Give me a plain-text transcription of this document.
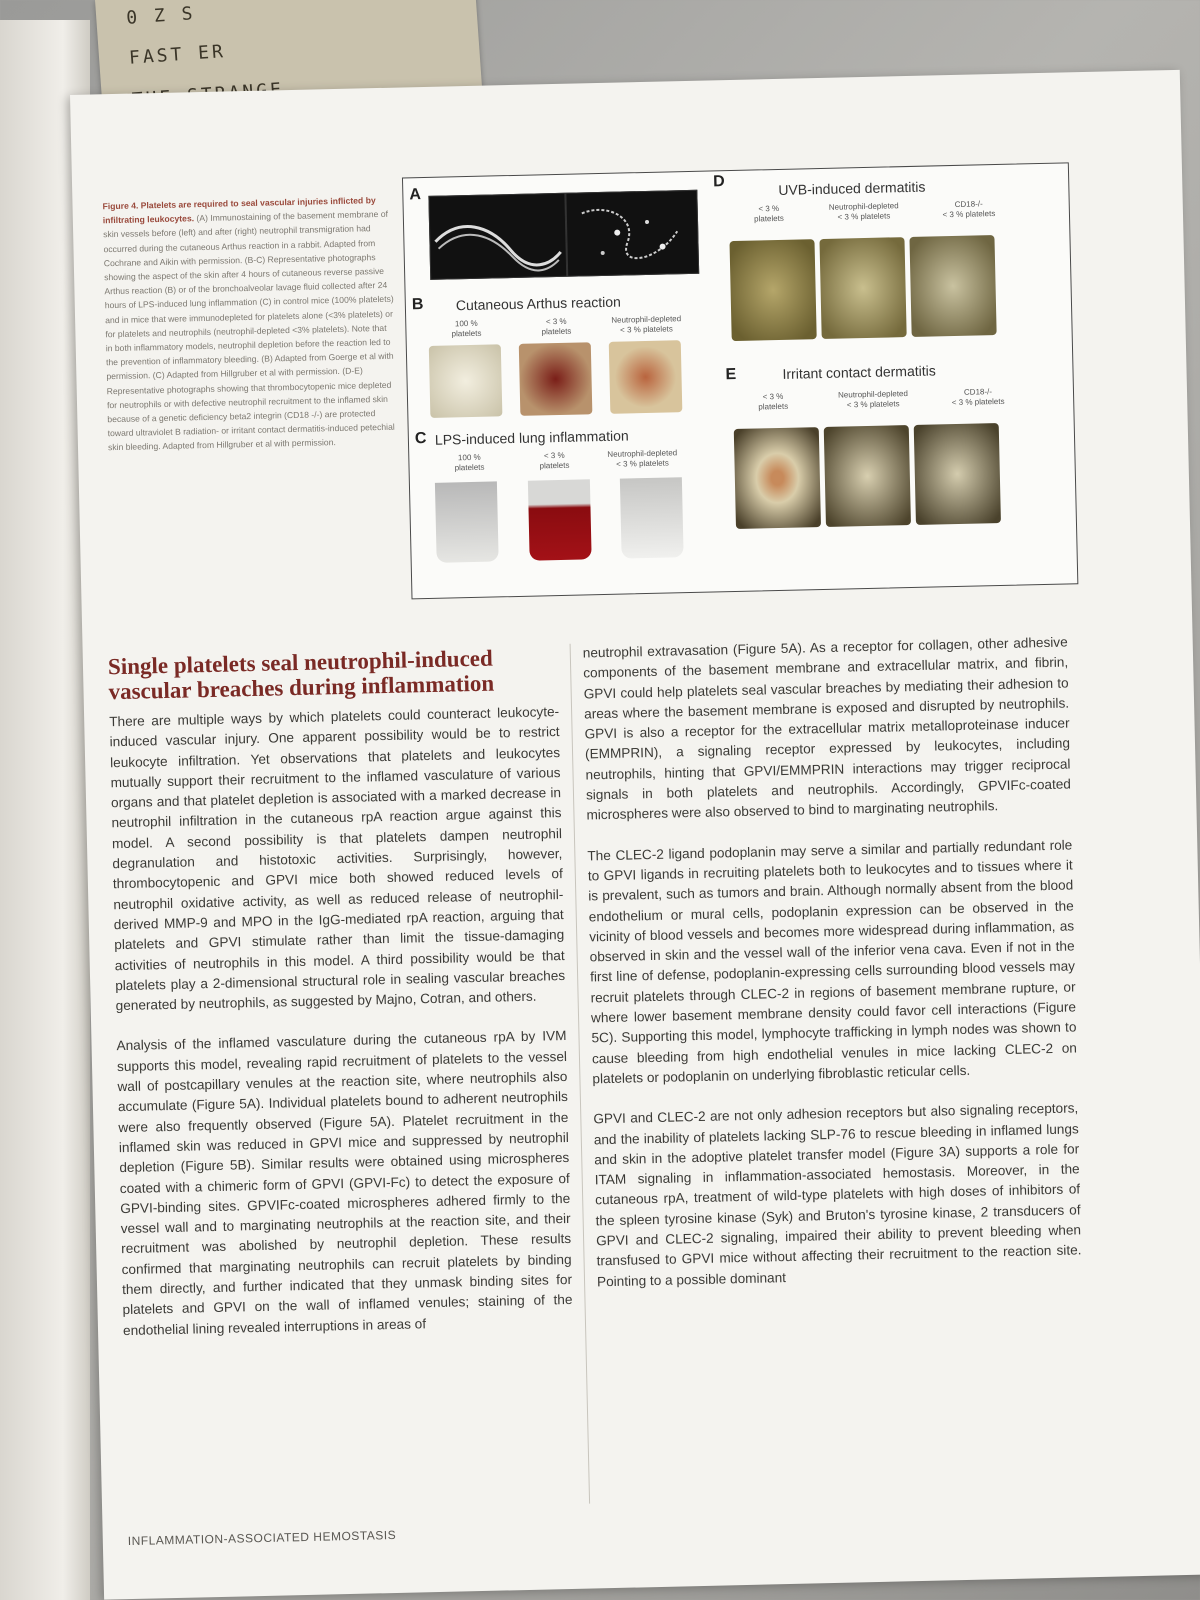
0 Z S
FAST ER
Figure 4. Platelets are required to seal vascular injuries inflicted by infiltrating leukocytes. (A) Immunostaining of the basement membrane of skin vessels before (left) and after (right) neutrophil transmigration had occurred during the cutaneous Arthus reaction in a rabbit. Adapted from Cochrane and Aikin with permission. (B-C) Representative photographs showing the aspect of the skin after 4 hours of cutaneous reverse passive Arthus reaction (B) or of the bronchoalveolar lavage fluid collected after 24 hours of LPS-induced lung inflammation (C) in control mice (100% platelets) and in mice that were immunodepleted for platelets alone (<3% platelets) or for platelets and neutrophils (neutrophil-depleted <3% platelets). Note that in both inflammatory models, neutrophil depletion before the reaction led to the prevention of inflammatory bleeding. (B) Adapted from Goerge et al with permission. (C) Adapted from Hillgruber et al with permission. (D-E) Representative photographs showing that thrombocytopenic mice depleted for neutrophils or with defective neutrophil recruitment to the inflamed skin because of a genetic deficiency beta2 integrin (CD18 -/-) are protected toward ultraviolet B radiation- or irritant contact dermatitis-induced petechial skin bleeding. Adapted from Hillgruber et al with permission.
A
B Cutaneous Arthus reaction
100 %
platelets
< 3 %
platelets
Neutrophil-depleted
< 3 % platelets
C LPS-induced lung inflammation
100 %
platelets
< 3 %
platelets
Neutrophil-depleted
< 3 % platelets
D	UVB-induced dermatitis
< 3 %
platelets
Neutrophil-depleted
< 3 % platelets
CD18-/-
< 3 % platelets
E	Irritant contact dermatitis
< 3 %
platelets
Neutrophil-depleted
< 3 % platelets
CD18-/-
< 3 % platelets
Single platelets seal neutrophil-induced vascular breaches during inflammation

There are multiple ways by which platelets could counteract leukocyte-induced vascular injury. One apparent possibility would be to restrict leukocyte infiltration. Yet observations that platelets and leukocytes mutually support their recruitment to the inflamed vasculature of various organs and that platelet depletion is associated with a marked decrease in neutrophil infiltration in the cutaneous rpA reaction argue against this model. A second possibility is that platelets dampen neutrophil degranulation and histotoxic activities. Surprisingly, however, thrombocytopenic and GPVI mice both showed reduced levels of neutrophil oxidative activity, as well as reduced release of neutrophil-derived MMP-9 and MPO in the IgG-mediated rpA reaction, arguing that platelets and GPVI stimulate rather than limit the tissue-damaging activities of neutrophils in this model. A third possibility would be that platelets play a 2-dimensional structural role in sealing vascular breaches generated by neutrophils, as suggested by Majno, Cotran, and others.

Analysis of the inflamed vasculature during the cutaneous rpA by IVM supports this model, revealing rapid recruitment of platelets to the vessel wall of postcapillary venules at the reaction site, where neutrophils also accumulate (Figure 5A). Individual platelets bound to adherent neutrophils were also frequently observed (Figure 5A). Platelet recruitment in the inflamed skin was reduced in GPVI mice and suppressed by neutrophil depletion (Figure 5B). Similar results were obtained using microspheres coated with a chimeric form of GPVI (GPVI-Fc) to detect the exposure of GPVI-binding sites. GPVIFc-coated microspheres adhered firmly to the vessel wall and to marginating neutrophils at the reaction site, and their recruitment was abolished by neutrophil depletion. These results confirmed that marginating neutrophils can recruit platelets by binding them directly, and further indicated that they unmask binding sites for platelets and GPVI on the wall of inflamed venules; staining of the endothelial lining revealed interruptions in areas of

neutrophil extravasation (Figure 5A). As a receptor for collagen, other adhesive components of the basement membrane and extracellular matrix, and fibrin, GPVI could help platelets seal vascular breaches by mediating their adhesion to areas where the basement membrane is exposed and disrupted by neutrophils. GPVI is also a receptor for the extracellular matrix metalloproteinase inducer (EMMPRIN), a signaling receptor expressed by leukocytes, including neutrophils, hinting that GPVI/EMMPRIN interactions may trigger reciprocal signals in both platelets and neutrophils. Accordingly, GPVIFc-coated microspheres were also observed to bind to marginating neutrophils.

The CLEC-2 ligand podoplanin may serve a similar and partially redundant role to GPVI ligands in recruiting platelets both to leukocytes and to tissues where it is prevalent, such as tumors and brain. Although normally absent from the blood endothelium or mural cells, podoplanin expression can be observed in the vicinity of blood vessels and becomes more widespread during inflammation, as observed in skin and the vessel wall of the inferior vena cava. Even if not in the first line of defense, podoplanin-expressing cells surrounding blood vessels may recruit platelets through CLEC-2 in regions of basement membrane rupture, or where lower basement membrane density could favor cell interactions (Figure 5C). Supporting this model, lymphocyte trafficking in lymph nodes was shown to cause bleeding from high endothelial venules in mice lacking CLEC-2 on platelets or podoplanin on underlying fibroblastic reticular cells.

GPVI and CLEC-2 are not only adhesion receptors but also signaling receptors, and the inability of platelets lacking SLP-76 to rescue bleeding in inflamed lungs and skin in the adoptive platelet transfer model (Figure 3A) supports a role for ITAM signaling in inflammation-associated hemostasis. Moreover, in the cutaneous rpA, treatment of wild-type platelets with high doses of inhibitors of the spleen tyrosine kinase (Syk) and Bruton's tyrosine kinase, 2 transducers of GPVI and CLEC-2 signaling, impaired their ability to prevent bleeding when transfused to GPVI mice without affecting their recruitment to the reaction site. Pointing to a possible dominant

INFLAMMATION-ASSOCIATED HEMOSTASIS
